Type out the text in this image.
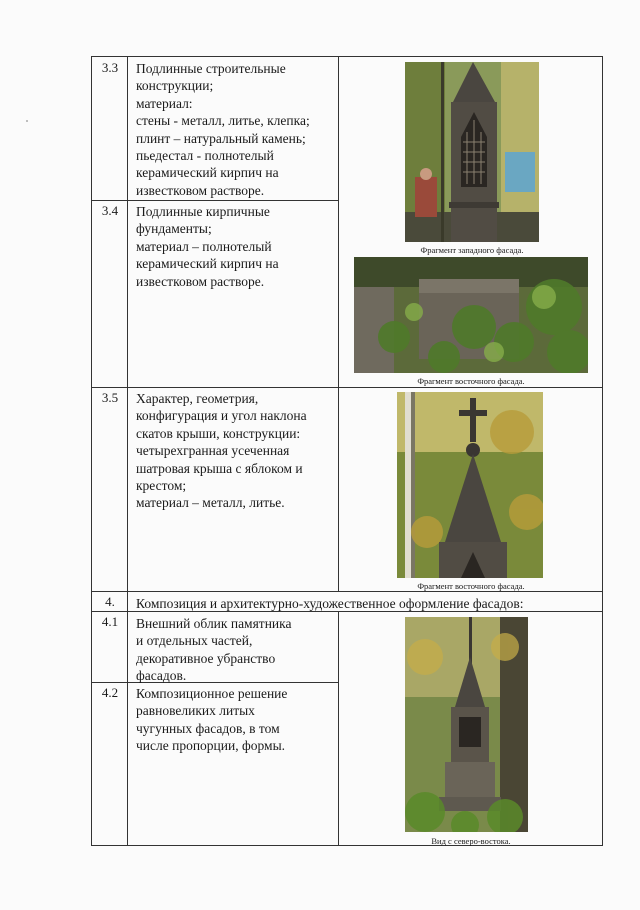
3.3
3.4
3.5
4.
4.1
4.2
Подлинные строительные
конструкции;
материал:
стены - металл, литье, клепка;
плинт – натуральный камень;
пьедестал - полнотелый
керамический кирпич на
известковом растворе.
Подлинные кирпичные
фундаменты;
материал – полнотелый
керамический кирпич на
известковом растворе.
Характер, геометрия,
конфигурация и угол наклона
скатов крыши, конструкции:
четырехгранная усеченная
шатровая крыша с яблоком и
крестом;
материал – металл, литье.
Композиция и архитектурно-художественное оформление фасадов:
Внешний облик памятника
и отдельных частей,
декоративное убранство
фасадов.
Композиционное решение
равновеликих литых
чугунных фасадов, в том
числе пропорции, формы.
Фрагмент западного фасада.
Фрагмент восточного фасада.
Фрагмент восточного фасада.
Вид с северо-востока.
